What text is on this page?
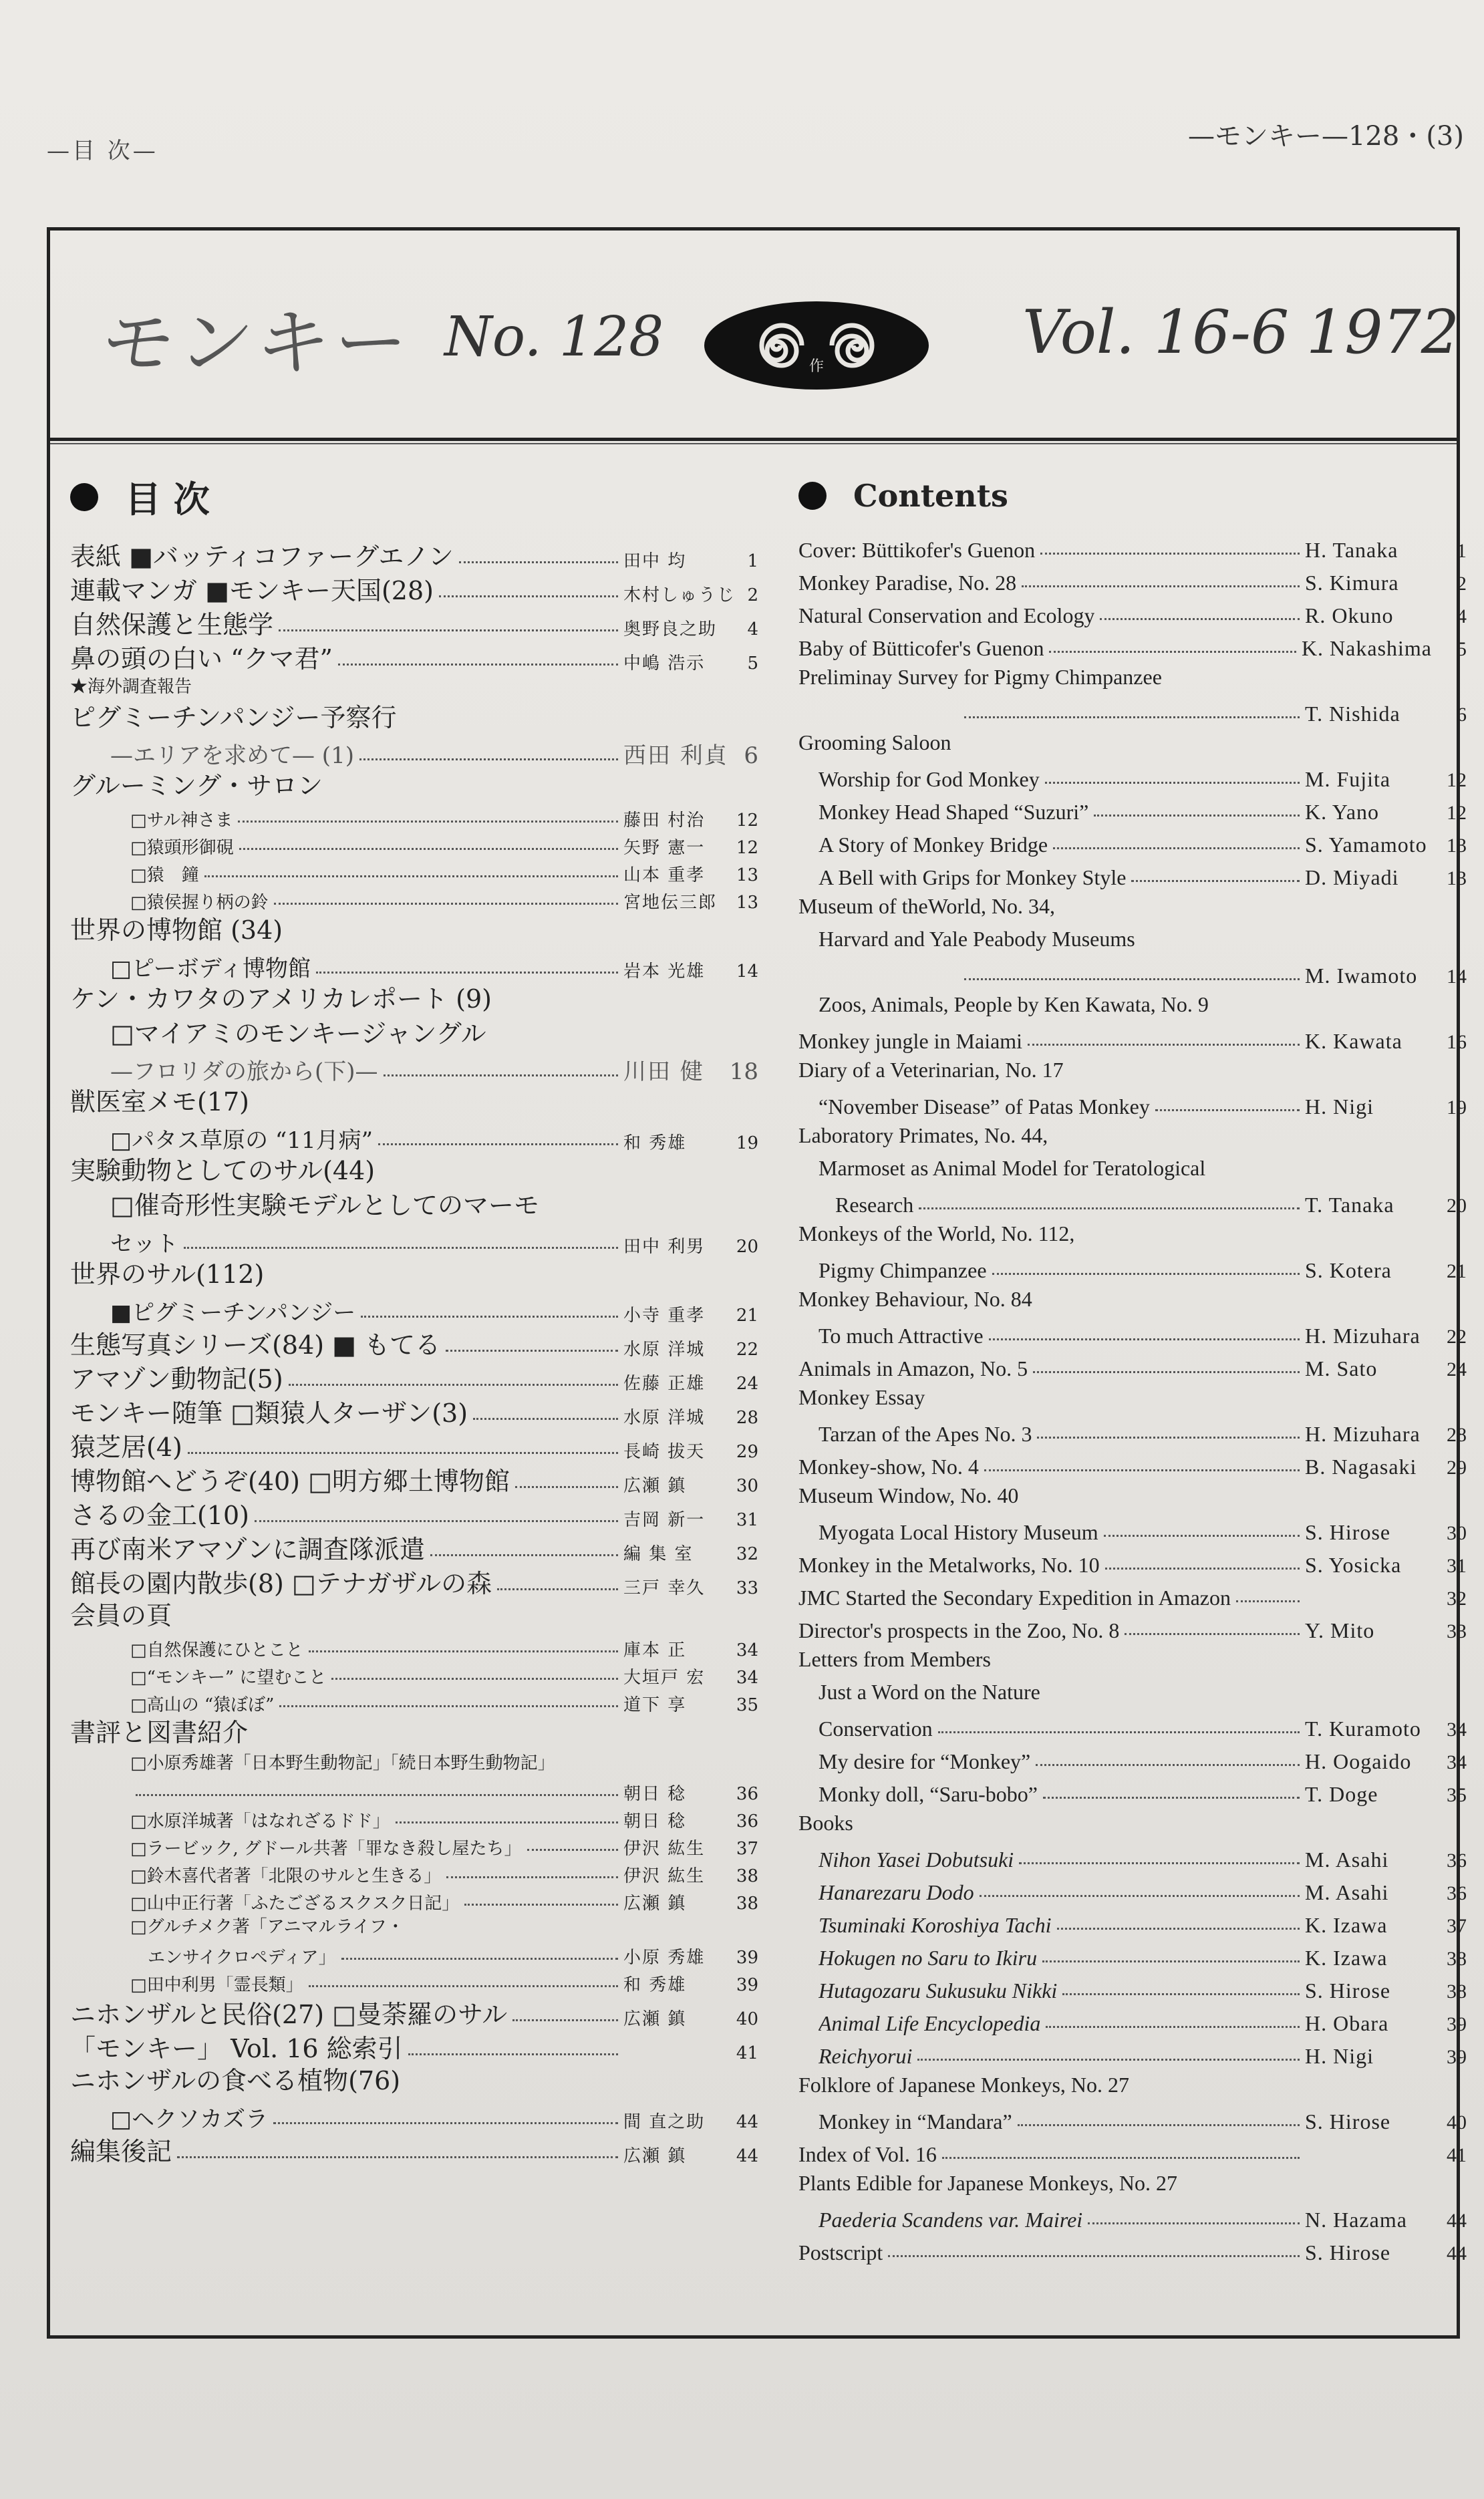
—目 次—	—モンキー—128・(3)
モンキー No. 128	作	Vol. 16-6 1972
目 次
表紙 ■バッティコファーグエノン	田中 均	1
連載マンガ ■モンキー天国(28)	木村しゅうじ 2
自然保護と生態学	奥野良之助	4
鼻の頭の白い “クマ君”	中嶋 浩示	5
★海外調査報告
ピグミーチンパンジー予察行
—エリアを求めて— (1)	西田 利貞 6
グルーミング・サロン
□サル神さま	藤田 村治	12
□猿頭形御硯	矢野 憲一	12
□猿　鐘	山本 重孝	13
□猿侯握り柄の鈴	宮地伝三郎	13
世界の博物館 (34)
□ピーボディ博物館	岩本 光雄	14
ケン・カワタのアメリカレポート (9)
□マイアミのモンキージャングル
—フロリダの旅から(下)—	川田 健	18
獣医室メモ(17)
□パタス草原の “11月病”	和 秀雄	19
実験動物としてのサル(44)
□催奇形性実験モデルとしてのマーモ
セット	田中 利男	20
世界のサル(112)
■ピグミーチンパンジー	小寺 重孝	21
生態写真シリーズ(84) ■ もてる	水原 洋城	22
アマゾン動物記(5)	佐藤 正雄	24
モンキー随筆 □類猿人ターザン(3)	水原 洋城	28
猿芝居(4)	長崎 拔天	29
博物館へどうぞ(40) □明方郷土博物館	広瀬 鎮	30
さるの金工(10)	吉岡 新一	31
再び南米アマゾンに調査隊派遣	編 集 室	32
館長の園内散歩(8) □テナガザルの森	三戸 幸久	33
会員の頁
□自然保護にひとこと	庫本 正	34
□“モンキー” に望むこと	大垣戸 宏	34
□高山の “猿ぼぼ”	道下 享	35
書評と図書紹介
□小原秀雄著「日本野生動物記」「続日本野生動物記」
朝日 稔	36
□水原洋城著「はなれざるドド」	朝日 稔	36
□ラービック, グドール共著「罪なき殺し屋たち」	伊沢 紘生	37
□鈴木喜代者著「北限のサルと生きる」	伊沢 紘生	38
□山中正行著「ふたござるスクスク日記」	広瀬 鎮	38
□グルチメク著「アニマルライフ・
　エンサイクロペディア」	小原 秀雄	39
□田中利男「霊長類」	和 秀雄	39
ニホンザルと民俗(27) □曼荼羅のサル	広瀬 鎮	40
「モンキー」 Vol. 16 総索引	41
ニホンザルの食べる植物(76)
□ヘクソカズラ	間 直之助	44
編集後記	広瀬 鎮	44
Contents
Cover: Büttikofer's Guenon	H. Tanaka	1
Monkey Paradise, No. 28	S. Kimura	2
Natural Conservation and Ecology	R. Okuno	4
Baby of Bütticofer's Guenon	K. Nakashima	5
Preliminay Survey for Pigmy Chimpanzee
T. Nishida	6
Grooming Saloon
Worship for God Monkey	M. Fujita	12
Monkey Head Shaped “Suzuri”	K. Yano	12
A Story of Monkey Bridge	S. Yamamoto 13
A Bell with Grips for Monkey Style	D. Miyadi	13
Museum of theWorld, No. 34,
Harvard and Yale Peabody Museums
M. Iwamoto	14
Zoos, Animals, People by Ken Kawata, No. 9
Monkey jungle in Maiami	K. Kawata	16
Diary of a Veterinarian, No. 17
“November Disease” of Patas Monkey	H. Nigi	19
Laboratory Primates, No. 44,
Marmoset as Animal Model for Teratological
Research	T. Tanaka	20
Monkeys of the World, No. 112,
Pigmy Chimpanzee	S. Kotera	21
Monkey Behaviour, No. 84
To much Attractive	H. Mizuhara	22
Animals in Amazon, No. 5	M. Sato	24
Monkey Essay
Tarzan of the Apes No. 3	H. Mizuhara	28
Monkey-show, No. 4	B. Nagasaki	29
Museum Window, No. 40
Myogata Local History Museum	S. Hirose	30
Monkey in the Metalworks, No. 10	S. Yosicka	31
JMC Started the Secondary Expedition in Amazon	32
Director's prospects in the Zoo, No. 8	Y. Mito	33
Letters from Members
Just a Word on the Nature
Conservation	T. Kuramoto	34
My desire for “Monkey”	H. Oogaido	34
Monky doll, “Saru-bobo”	T. Doge	35
Books
Nihon Yasei Dobutsuki	M. Asahi	36
Hanarezaru Dodo	M. Asahi	36
Tsuminaki Koroshiya Tachi	K. Izawa	37
Hokugen no Saru to Ikiru	K. Izawa	38
Hutagozaru Sukusuku Nikki	S. Hirose	38
Animal Life Encyclopedia	H. Obara	39
Reichyorui	H. Nigi	39
Folklore of Japanese Monkeys, No. 27
Monkey in “Mandara”	S. Hirose	40
Index of Vol. 16	41
Plants Edible for Japanese Monkeys, No. 27
Paederia Scandens var. Mairei	N. Hazama	44
Postscript	S. Hirose	44
